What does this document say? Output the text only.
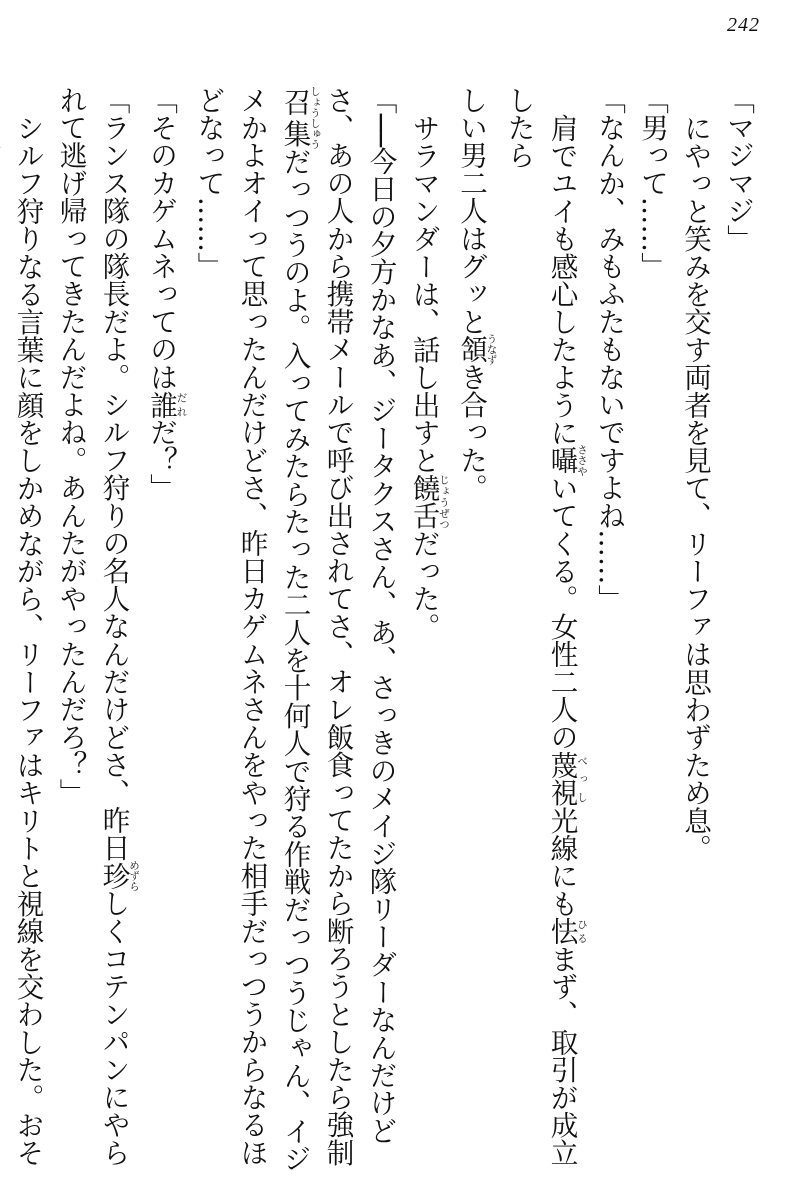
242

「マジマジ」

にやっと笑みを交す両者を見て、リーファは思わずため息。

「男って……」

「なんか、みもふたもないですよね……」

肩でユイも感心したように囁ささやいてくる。女性二人の蔑視べっし光線にも怯ひるまず、取引が成立したら

しい男二人はグッと頷うなずき合った。

サラマンダーは、話し出すと饒舌じょうぜつだった。

「──今日の夕方かなあ、ジータクスさん、あ、さっきのメイジ隊リーダーなんだけどさ、あの人から携帯メールで呼び出されてさ、オレ飯食ってたから断ろうとしたら強制召集しょうしゅうだっつうのよ。入ってみたらたった二人を十何人で狩る作戦だっつうじゃん、イジメかよオイって思ったんだけどさ、昨日カゲムネさんをやった相手だっつうからなるほどなって……」

「そのカゲムネってのは誰だれだ？」

「ランス隊の隊長だよ。シルフ狩りの名人なんだけどさ、昨日珍めずらしくコテンパンにやられて逃げ帰ってきたんだよね。あんたがやったんだろ？」

シルフ狩りなる言葉に顔をしかめながら、リーファはキリトと視線を交わした。おそ
